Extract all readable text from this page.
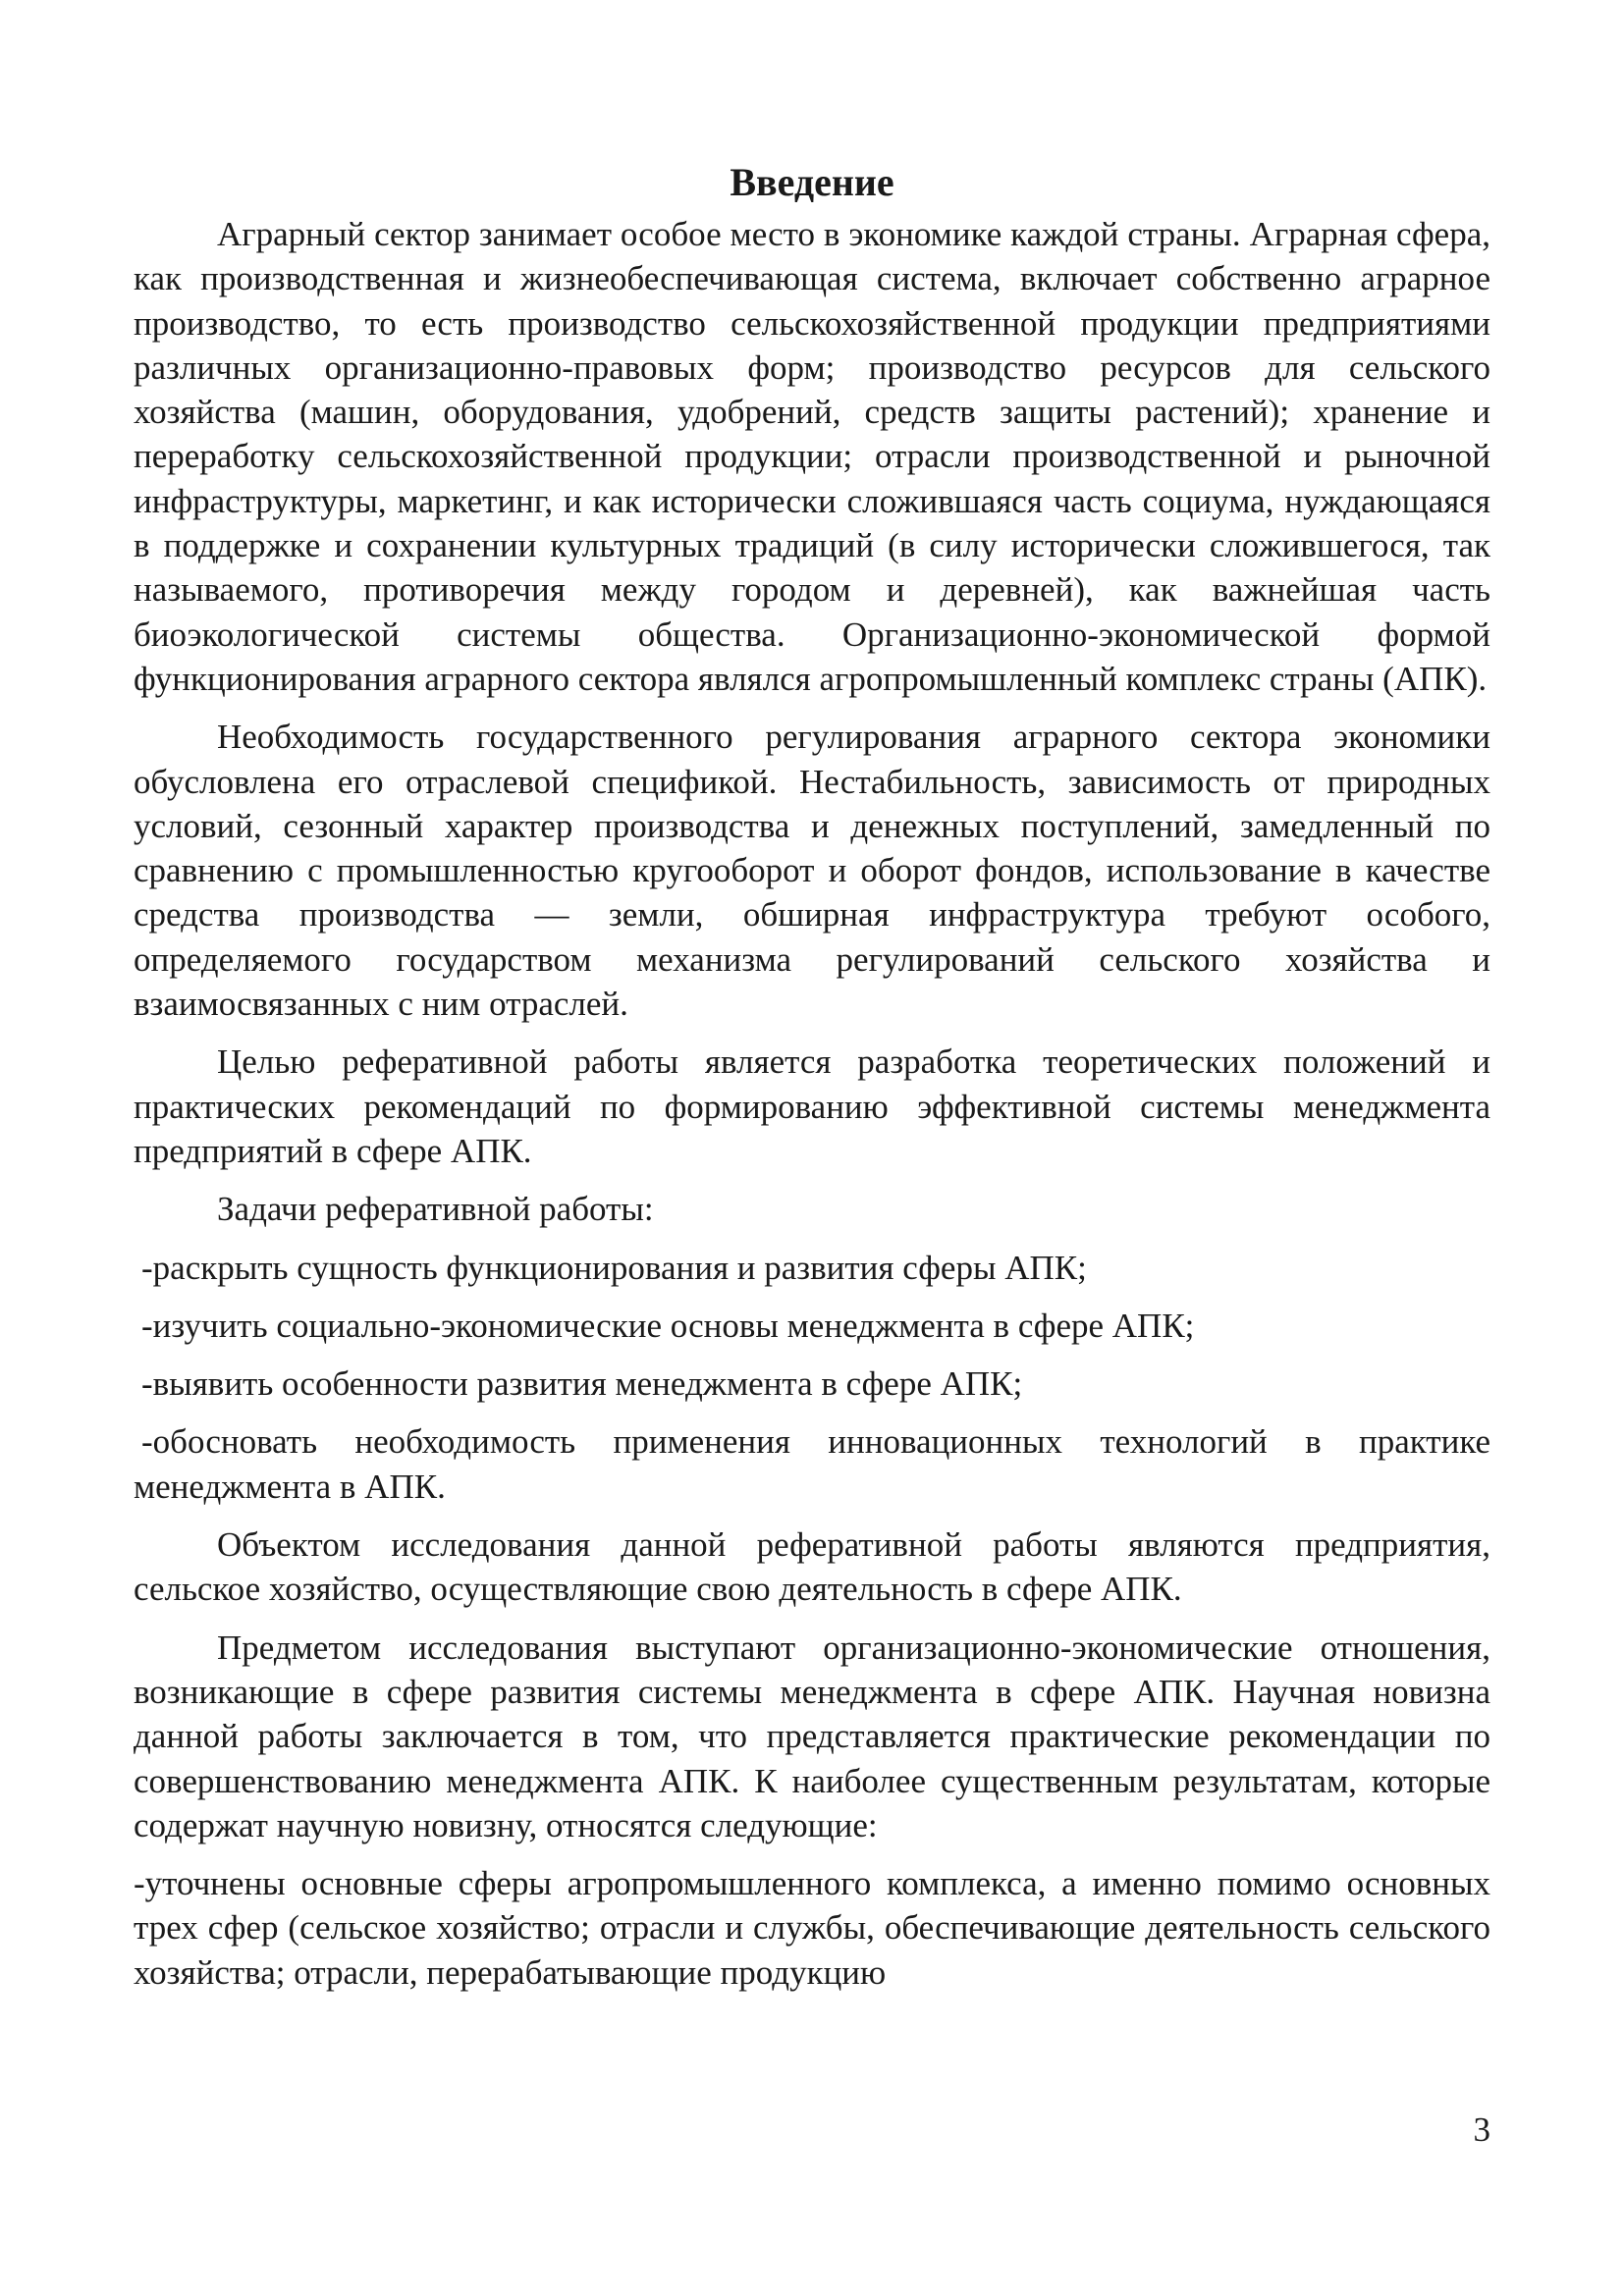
Введение

Аграрный сектор занимает особое место в экономике каждой страны. Аграрная сфера, как производственная и жизнеобеспечивающая система, включает собственно аграрное производство, то есть производство сельскохозяйственной продукции предприятиями различных организационно-правовых форм; производство ресурсов для сельского хозяйства (машин, оборудования, удобрений, средств защиты растений); хранение и переработку сельскохозяйственной продукции; отрасли производственной и рыночной инфраструктуры, маркетинг, и как исторически сложившаяся часть социума, нуждающаяся в поддержке и сохранении культурных традиций (в силу исторически сложившегося, так называемого, противоречия между городом и деревней), как важнейшая часть биоэкологической системы общества. Организационно-экономической формой функционирования аграрного сектора являлся агропромышленный комплекс страны (АПК).

Необходимость государственного регулирования аграрного сектора экономики обусловлена его отраслевой спецификой. Нестабильность, зависимость от природных условий, сезонный характер производства и денежных поступлений, замедленный по сравнению с промышленностью кругооборот и оборот фондов, использование в качестве средства производства — земли, обширная инфраструктура требуют особого, определяемого государством механизма регулирований сельского хозяйства и взаимосвязанных с ним отраслей.

Целью реферативной работы является разработка теоретических положений и практических рекомендаций по формированию эффективной системы менеджмента предприятий в сфере АПК.

Задачи реферативной работы:

-раскрыть сущность функционирования и развития сферы АПК;

-изучить социально-экономические основы менеджмента в сфере АПК;

-выявить особенности развития менеджмента в сфере АПК;

-обосновать необходимость применения инновационных технологий в практике менеджмента в АПК.

Объектом исследования данной реферативной работы являются предприятия, сельское хозяйство, осуществляющие свою деятельность в сфере АПК.

Предметом исследования выступают организационно-экономические отношения, возникающие в сфере развития системы менеджмента в сфере АПК. Научная новизна данной работы заключается в том, что представляется практические рекомендации по совершенствованию менеджмента АПК. К наиболее существенным результатам, которые содержат научную новизну, относятся следующие:

-уточнены основные сферы агропромышленного комплекса, а именно помимо основных трех сфер (сельское хозяйство; отрасли и службы, обеспечивающие деятельность сельского хозяйства; отрасли, перерабатывающие продукцию

3
